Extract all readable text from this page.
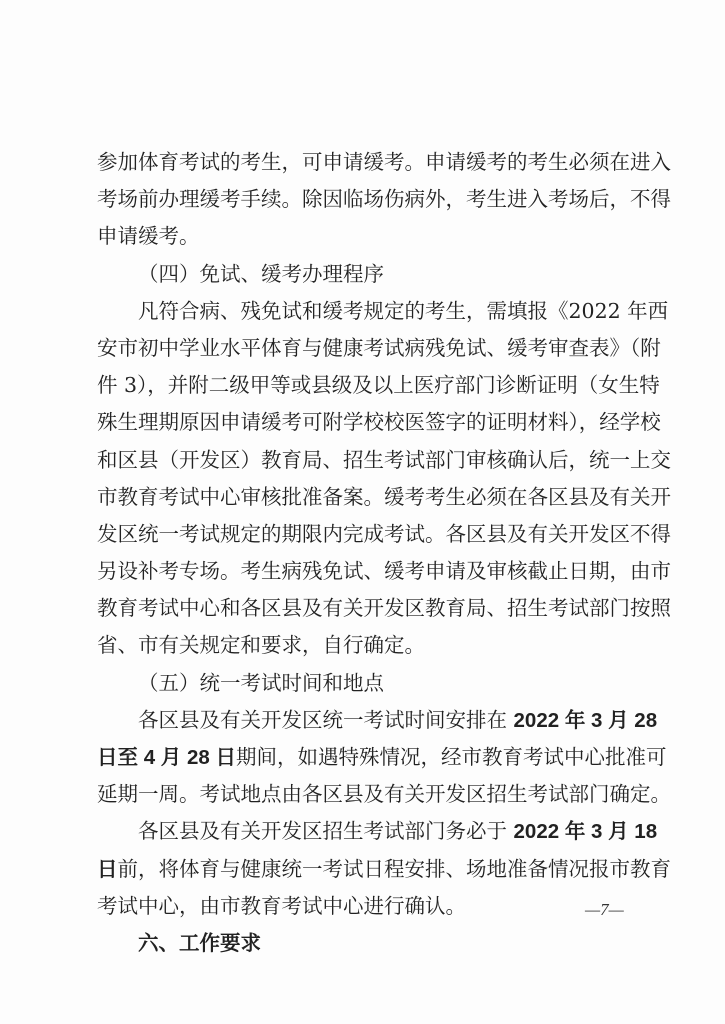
参加体育考试的考生，可申请缓考。申请缓考的考生必须在进入
考场前办理缓考手续。除因临场伤病外，考生进入考场后，不得
申请缓考。
（四）免试、缓考办理程序
凡符合病、残免试和缓考规定的考生，需填报《2022 年西
安市初中学业水平体育与健康考试病残免试、缓考审查表》（附
件 3），并附二级甲等或县级及以上医疗部门诊断证明（女生特
殊生理期原因申请缓考可附学校校医签字的证明材料），经学校
和区县（开发区）教育局、招生考试部门审核确认后，统一上交
市教育考试中心审核批准备案。缓考考生必须在各区县及有关开
发区统一考试规定的期限内完成考试。各区县及有关开发区不得
另设补考专场。考生病残免试、缓考申请及审核截止日期，由市
教育考试中心和各区县及有关开发区教育局、招生考试部门按照
省、市有关规定和要求，自行确定。
（五）统一考试时间和地点
各区县及有关开发区统一考试时间安排在 2022 年 3 月 28
日至 4 月 28 日期间，如遇特殊情况，经市教育考试中心批准可
延期一周。考试地点由各区县及有关开发区招生考试部门确定。
各区县及有关开发区招生考试部门务必于 2022 年 3 月 18
日前，将体育与健康统一考试日程安排、场地准备情况报市教育
考试中心，由市教育考试中心进行确认。
六、工作要求
—7—
